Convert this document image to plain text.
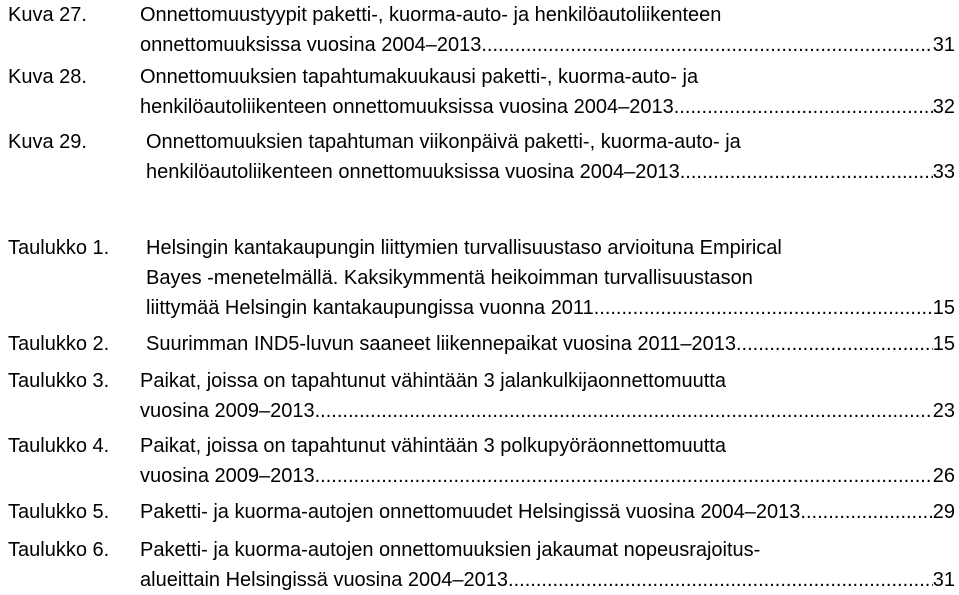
Kuva 27.	Onnettomuustyypit paketti-, kuorma-auto- ja henkilöautoliikenteen
onnettomuuksissa vuosina 2004–2013 .....	31
Kuva 28.	Onnettomuuksien tapahtumakuukausi paketti-, kuorma-auto- ja
henkilöautoliikenteen onnettomuuksissa vuosina 2004–2013 .....	32
Kuva 29.	Onnettomuuksien tapahtuman viikonpäivä paketti-, kuorma-auto- ja
henkilöautoliikenteen onnettomuuksissa vuosina 2004–2013 .....	33
Taulukko 1. Helsingin kantakaupungin liittymien turvallisuustaso arvioituna Empirical
Bayes -menetelmällä. Kaksikymmentä heikoimman turvallisuustason
liittymää Helsingin kantakaupungissa vuonna 2011 .....	15
Taulukko 2. Suurimman IND5-luvun saaneet liikennepaikat vuosina 2011–2013 .....	15
Taulukko 3. Paikat, joissa on tapahtunut vähintään 3 jalankulkijaonnettomuutta
vuosina 2009–2013 .....	23
Taulukko 4. Paikat, joissa on tapahtunut vähintään 3 polkupyöräonnettomuutta
vuosina 2009–2013 .....	26
Taulukko 5. Paketti- ja kuorma-autojen onnettomuudet Helsingissä vuosina 2004–2013 .....	29
Taulukko 6. Paketti- ja kuorma-autojen onnettomuuksien jakaumat nopeusrajoitus-
alueittain Helsingissä vuosina 2004–2013 .....	31
